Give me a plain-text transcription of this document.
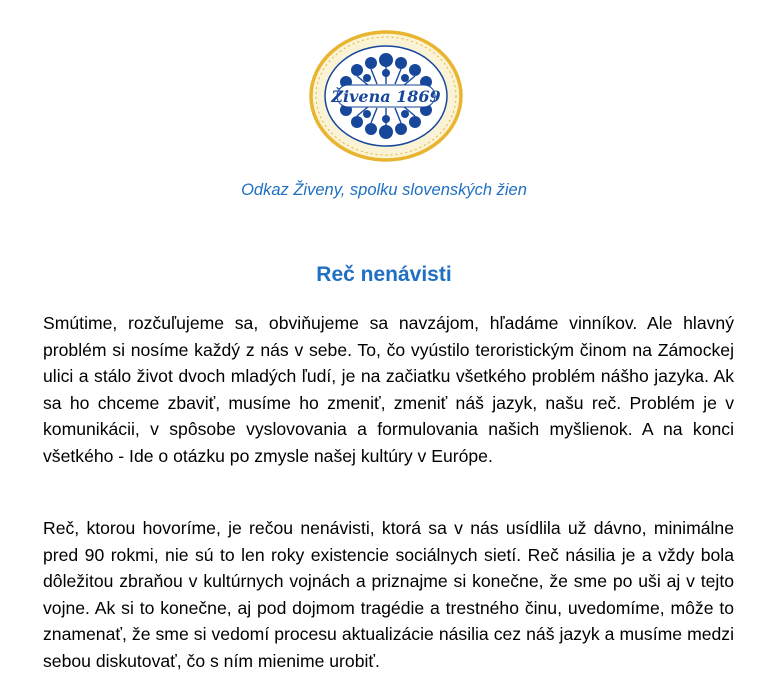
Živena 1869
Odkaz Živeny, spolku slovenských žien
Reč nenávisti

Smútime, rozčuľujeme sa, obviňujeme sa navzájom, hľadáme vinníkov. Ale hlavný problém si nosíme každý z nás v sebe. To, čo vyústilo teroristickým činom na Zámockej ulici a stálo život dvoch mladých ľudí, je na začiatku všetkého problém nášho jazyka. Ak sa ho chceme zbaviť, musíme ho zmeniť, zmeniť náš jazyk, našu reč. Problém je v komunikácii, v spôsobe vyslovovania a formulovania našich myšlienok. A na konci všetkého - Ide o otázku po zmysle našej kultúry v Európe.

Reč, ktorou hovoríme, je rečou nenávisti, ktorá sa v nás usídlila už dávno, minimálne pred 90 rokmi, nie sú to len roky existencie sociálnych sietí. Reč násilia je a vždy bola dôležitou zbraňou v kultúrnych vojnách a priznajme si konečne, že sme po uši aj v tejto vojne. Ak si to konečne, aj pod dojmom tragédie a trestného činu, uvedomíme, môže to znamenať, že sme si vedomí procesu aktualizácie násilia cez náš jazyk a musíme medzi sebou diskutovať, čo s ním mienime urobiť.
